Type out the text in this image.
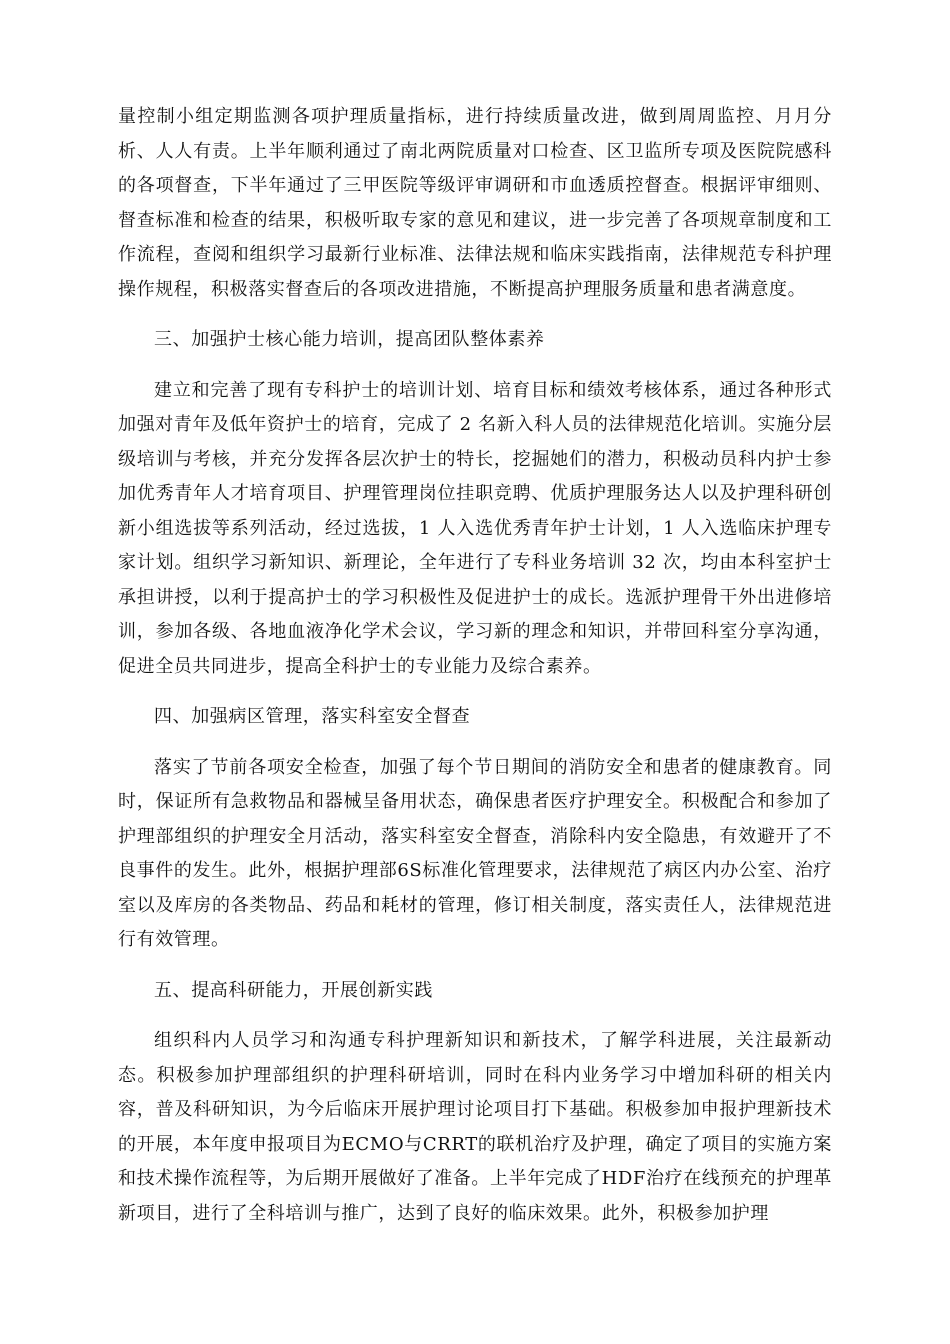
量控制小组定期监测各项护理质量指标，进行持续质量改进，做到周周监控、月月分析、人人有责。上半年顺利通过了南北两院质量对口检查、区卫监所专项及医院院感科的各项督查，下半年通过了三甲医院等级评审调研和市血透质控督查。根据评审细则、督查标准和检查的结果，积极听取专家的意见和建议，进一步完善了各项规章制度和工作流程，查阅和组织学习最新行业标准、法律法规和临床实践指南，法律规范专科护理操作规程，积极落实督查后的各项改进措施，不断提高护理服务质量和患者满意度。

三、加强护士核心能力培训，提高团队整体素养

建立和完善了现有专科护士的培训计划、培育目标和绩效考核体系，通过各种形式加强对青年及低年资护士的培育，完成了 2 名新入科人员的法律规范化培训。实施分层级培训与考核，并充分发挥各层次护士的特长，挖掘她们的潜力，积极动员科内护士参加优秀青年人才培育项目、护理管理岗位挂职竞聘、优质护理服务达人以及护理科研创新小组选拔等系列活动，经过选拔，1 人入选优秀青年护士计划，1 人入选临床护理专家计划。组织学习新知识、新理论，全年进行了专科业务培训 32 次，均由本科室护士承担讲授，以利于提高护士的学习积极性及促进护士的成长。选派护理骨干外出进修培训，参加各级、各地血液净化学术会议，学习新的理念和知识，并带回科室分享沟通，促进全员共同进步，提高全科护士的专业能力及综合素养。

四、加强病区管理，落实科室安全督查

落实了节前各项安全检查，加强了每个节日期间的消防安全和患者的健康教育。同时，保证所有急救物品和器械呈备用状态，确保患者医疗护理安全。积极配合和参加了护理部组织的护理安全月活动，落实科室安全督查，消除科内安全隐患，有效避开了不良事件的发生。此外，根据护理部6S标准化管理要求，法律规范了病区内办公室、治疗室以及库房的各类物品、药品和耗材的管理，修订相关制度，落实责任人，法律规范进行有效管理。

五、提高科研能力，开展创新实践

组织科内人员学习和沟通专科护理新知识和新技术，了解学科进展，关注最新动态。积极参加护理部组织的护理科研培训，同时在科内业务学习中增加科研的相关内容，普及科研知识，为今后临床开展护理讨论项目打下基础。积极参加申报护理新技术的开展，本年度申报项目为ECMO与CRRT的联机治疗及护理，确定了项目的实施方案和技术操作流程等，为后期开展做好了准备。上半年完成了HDF治疗在线预充的护理革新项目，进行了全科培训与推广，达到了良好的临床效果。此外，积极参加护理
